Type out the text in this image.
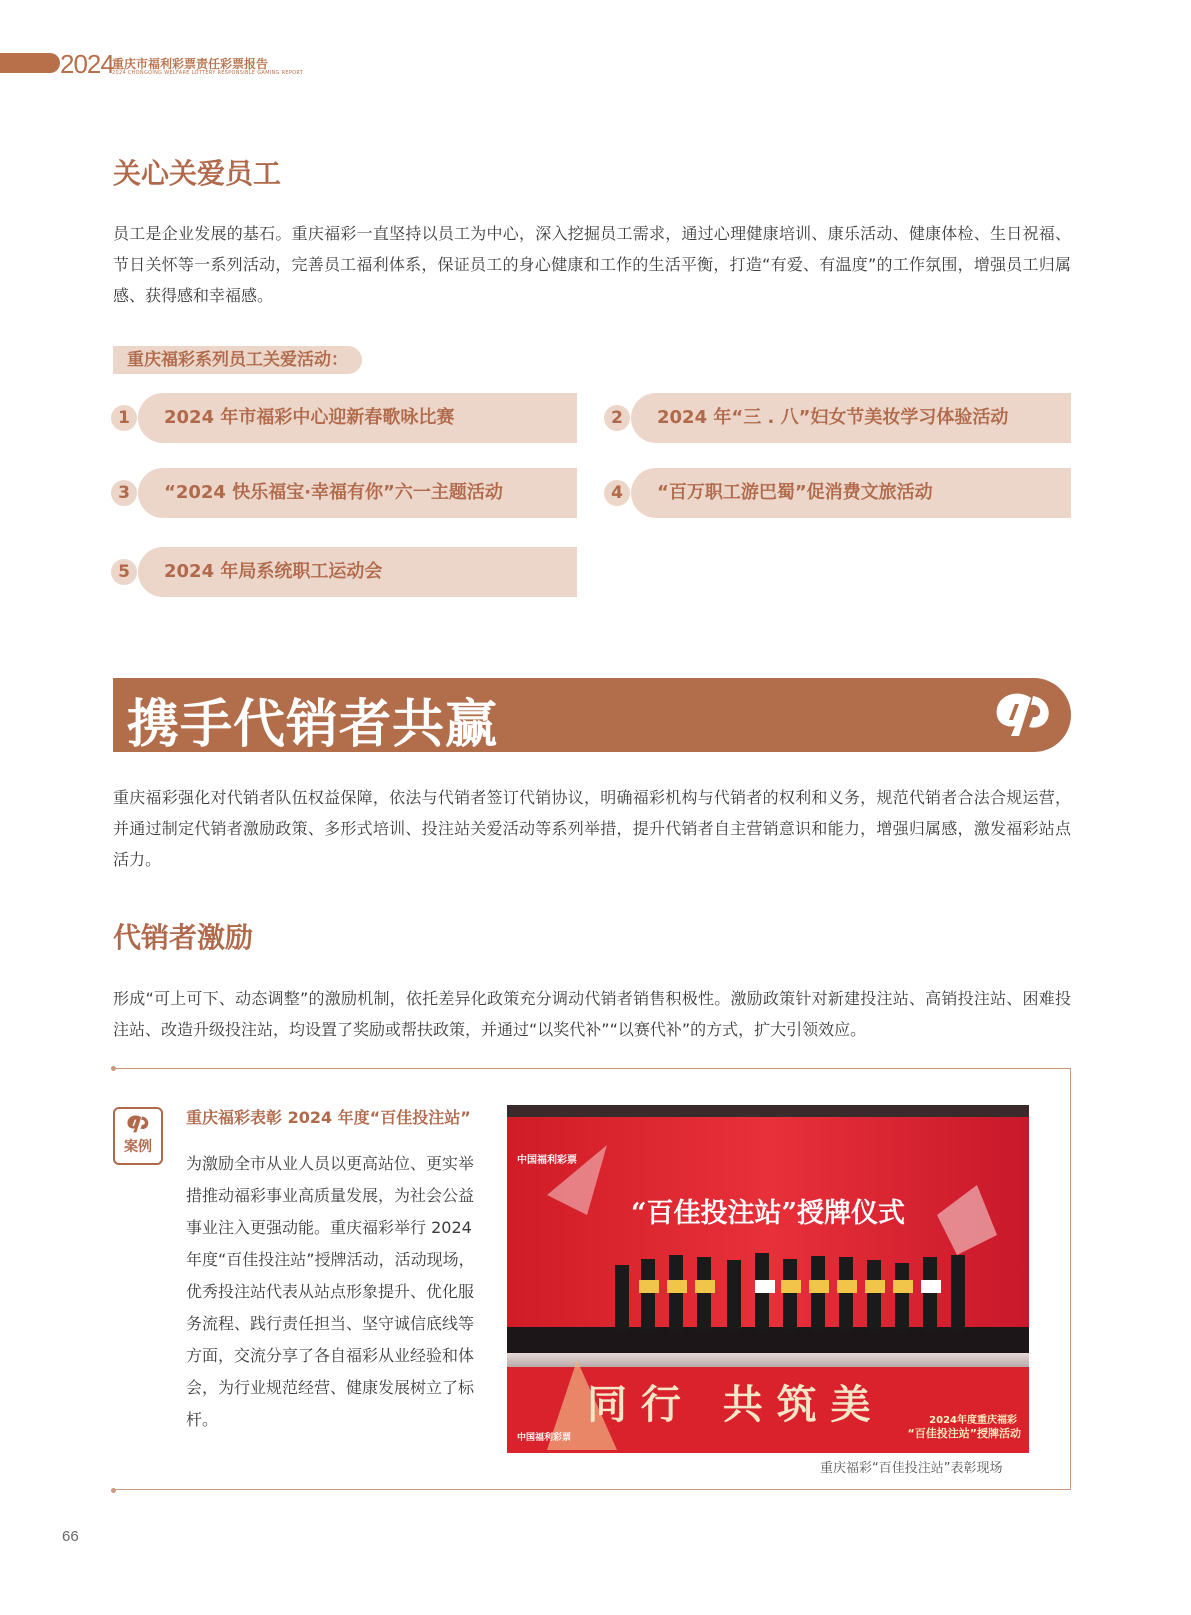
2024
重庆市福利彩票责任彩票报告
2024 CHONGQING WELFARE LOTTERY RESPONSIBLE GAMING REPORT
关心关爱员工
员工是企业发展的基石。重庆福彩一直坚持以员工为中心，深入挖掘员工需求，通过心理健康培训、康乐活动、健康体检、生日祝福、节日关怀等一系列活动，完善员工福利体系，保证员工的身心健康和工作的生活平衡，打造“有爱、有温度”的工作氛围，增强员工归属感、获得感和幸福感。
重庆福彩系列员工关爱活动：
1	2024 年市福彩中心迎新春歌咏比赛	2	2024 年“三 . 八”妇女节美妆学习体验活动
3	“2024 快乐福宝·幸福有你”六一主题活动	4	“百万职工游巴蜀”促消费文旅活动
5	2024 年局系统职工运动会
携手代销者共赢
重庆福彩强化对代销者队伍权益保障，依法与代销者签订代销协议，明确福彩机构与代销者的权利和义务，规范代销者合法合规运营，并通过制定代销者激励政策、多形式培训、投注站关爱活动等系列举措，提升代销者自主营销意识和能力，增强归属感，激发福彩站点活力。
代销者激励
形成“可上可下、动态调整”的激励机制，依托差异化政策充分调动代销者销售积极性。激励政策针对新建投注站、高销投注站、困难投注站、改造升级投注站，均设置了奖励或帮扶政策，并通过“以奖代补”“以赛代补”的方式，扩大引领效应。
案例
重庆福彩表彰 2024 年度“百佳投注站”
为激励全市从业人员以更高站位、更实举措推动福彩事业高质量发展，为社会公益事业注入更强动能。重庆福彩举行 2024 年度“百佳投注站”授牌活动，活动现场，优秀投注站代表从站点形象提升、优化服务流程、践行责任担当、坚守诚信底线等方面，交流分享了各自福彩从业经验和体会，为行业规范经营、健康发展树立了标杆。
中国福利彩票
“百佳投注站”授牌仪式
同 行   共 筑 美
中国福利彩票
2024年度重庆福彩
“百佳投注站”授牌活动
重庆福彩“百佳投注站”表彰现场
66
